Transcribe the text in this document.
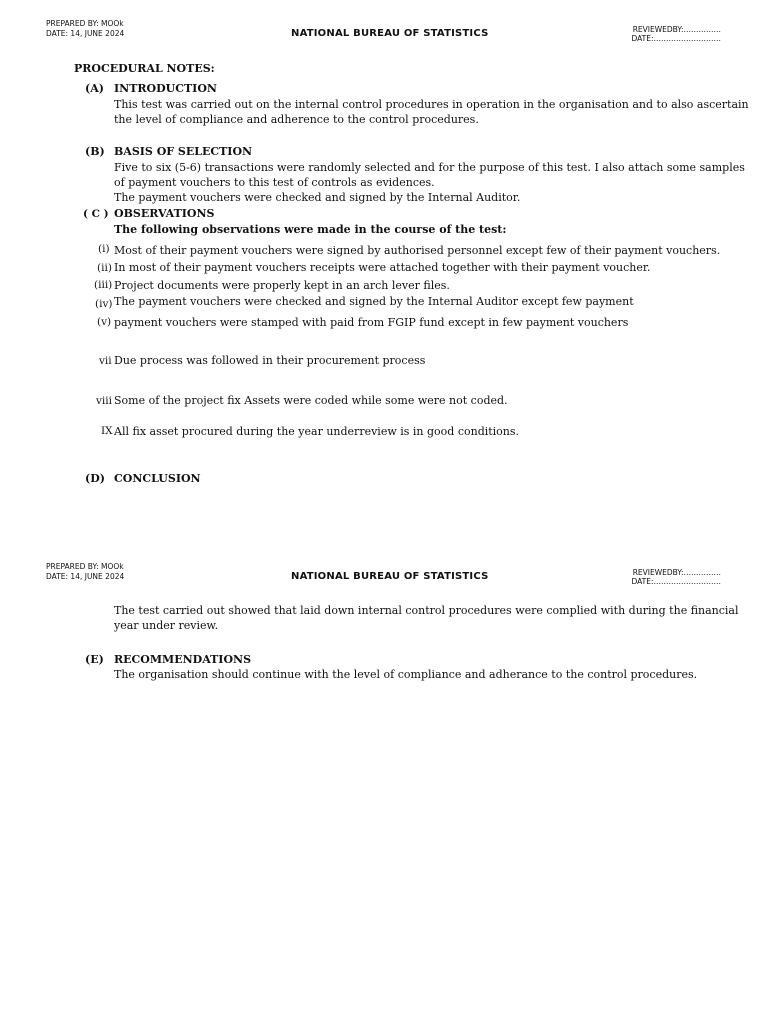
PREPARED BY: MOOk
DATE: 14, JUNE 2024	NATIONAL BUREAU OF STATISTICS	REVIEWEDBY:……………
DATE:………………………
PROCEDURAL NOTES:
(A) INTRODUCTION
This test was carried out on the internal control procedures in operation in the organisation and to also ascertain
the level of compliance and adherence to the control procedures.
(B) BASIS OF SELECTION
Five to six (5-6) transactions were randomly selected and for the purpose of this test. I also attach some samples
of payment vouchers to this test of controls as evidences.
The payment vouchers were checked and signed by the Internal Auditor.
( C ) OBSERVATIONS
The following observations were made in the course of the test:
(i) Most of their payment vouchers were signed by authorised personnel except few of their payment vouchers.
(ii) In most of their payment vouchers receipts were attached together with their payment voucher.
(iii) Project documents were properly kept in an arch lever files.
(iv) The payment vouchers were checked and signed by the Internal Auditor except few payment
(v) payment vouchers were stamped with paid from FGIP fund except in few payment vouchers
vii Due process was followed in their procurement process
viii Some of the project fix Assets were coded while some were not coded.
IX All fix asset procured during the year underreview is in good conditions.
(D) CONCLUSION
PREPARED BY: MOOk
DATE: 14, JUNE 2024	NATIONAL BUREAU OF STATISTICS	REVIEWEDBY:……………
DATE:………………………
The test carried out showed that laid down internal control procedures were complied with during the financial
year under review.
(E) RECOMMENDATIONS
The organisation should continue with the level of compliance and adherance to the control procedures.
